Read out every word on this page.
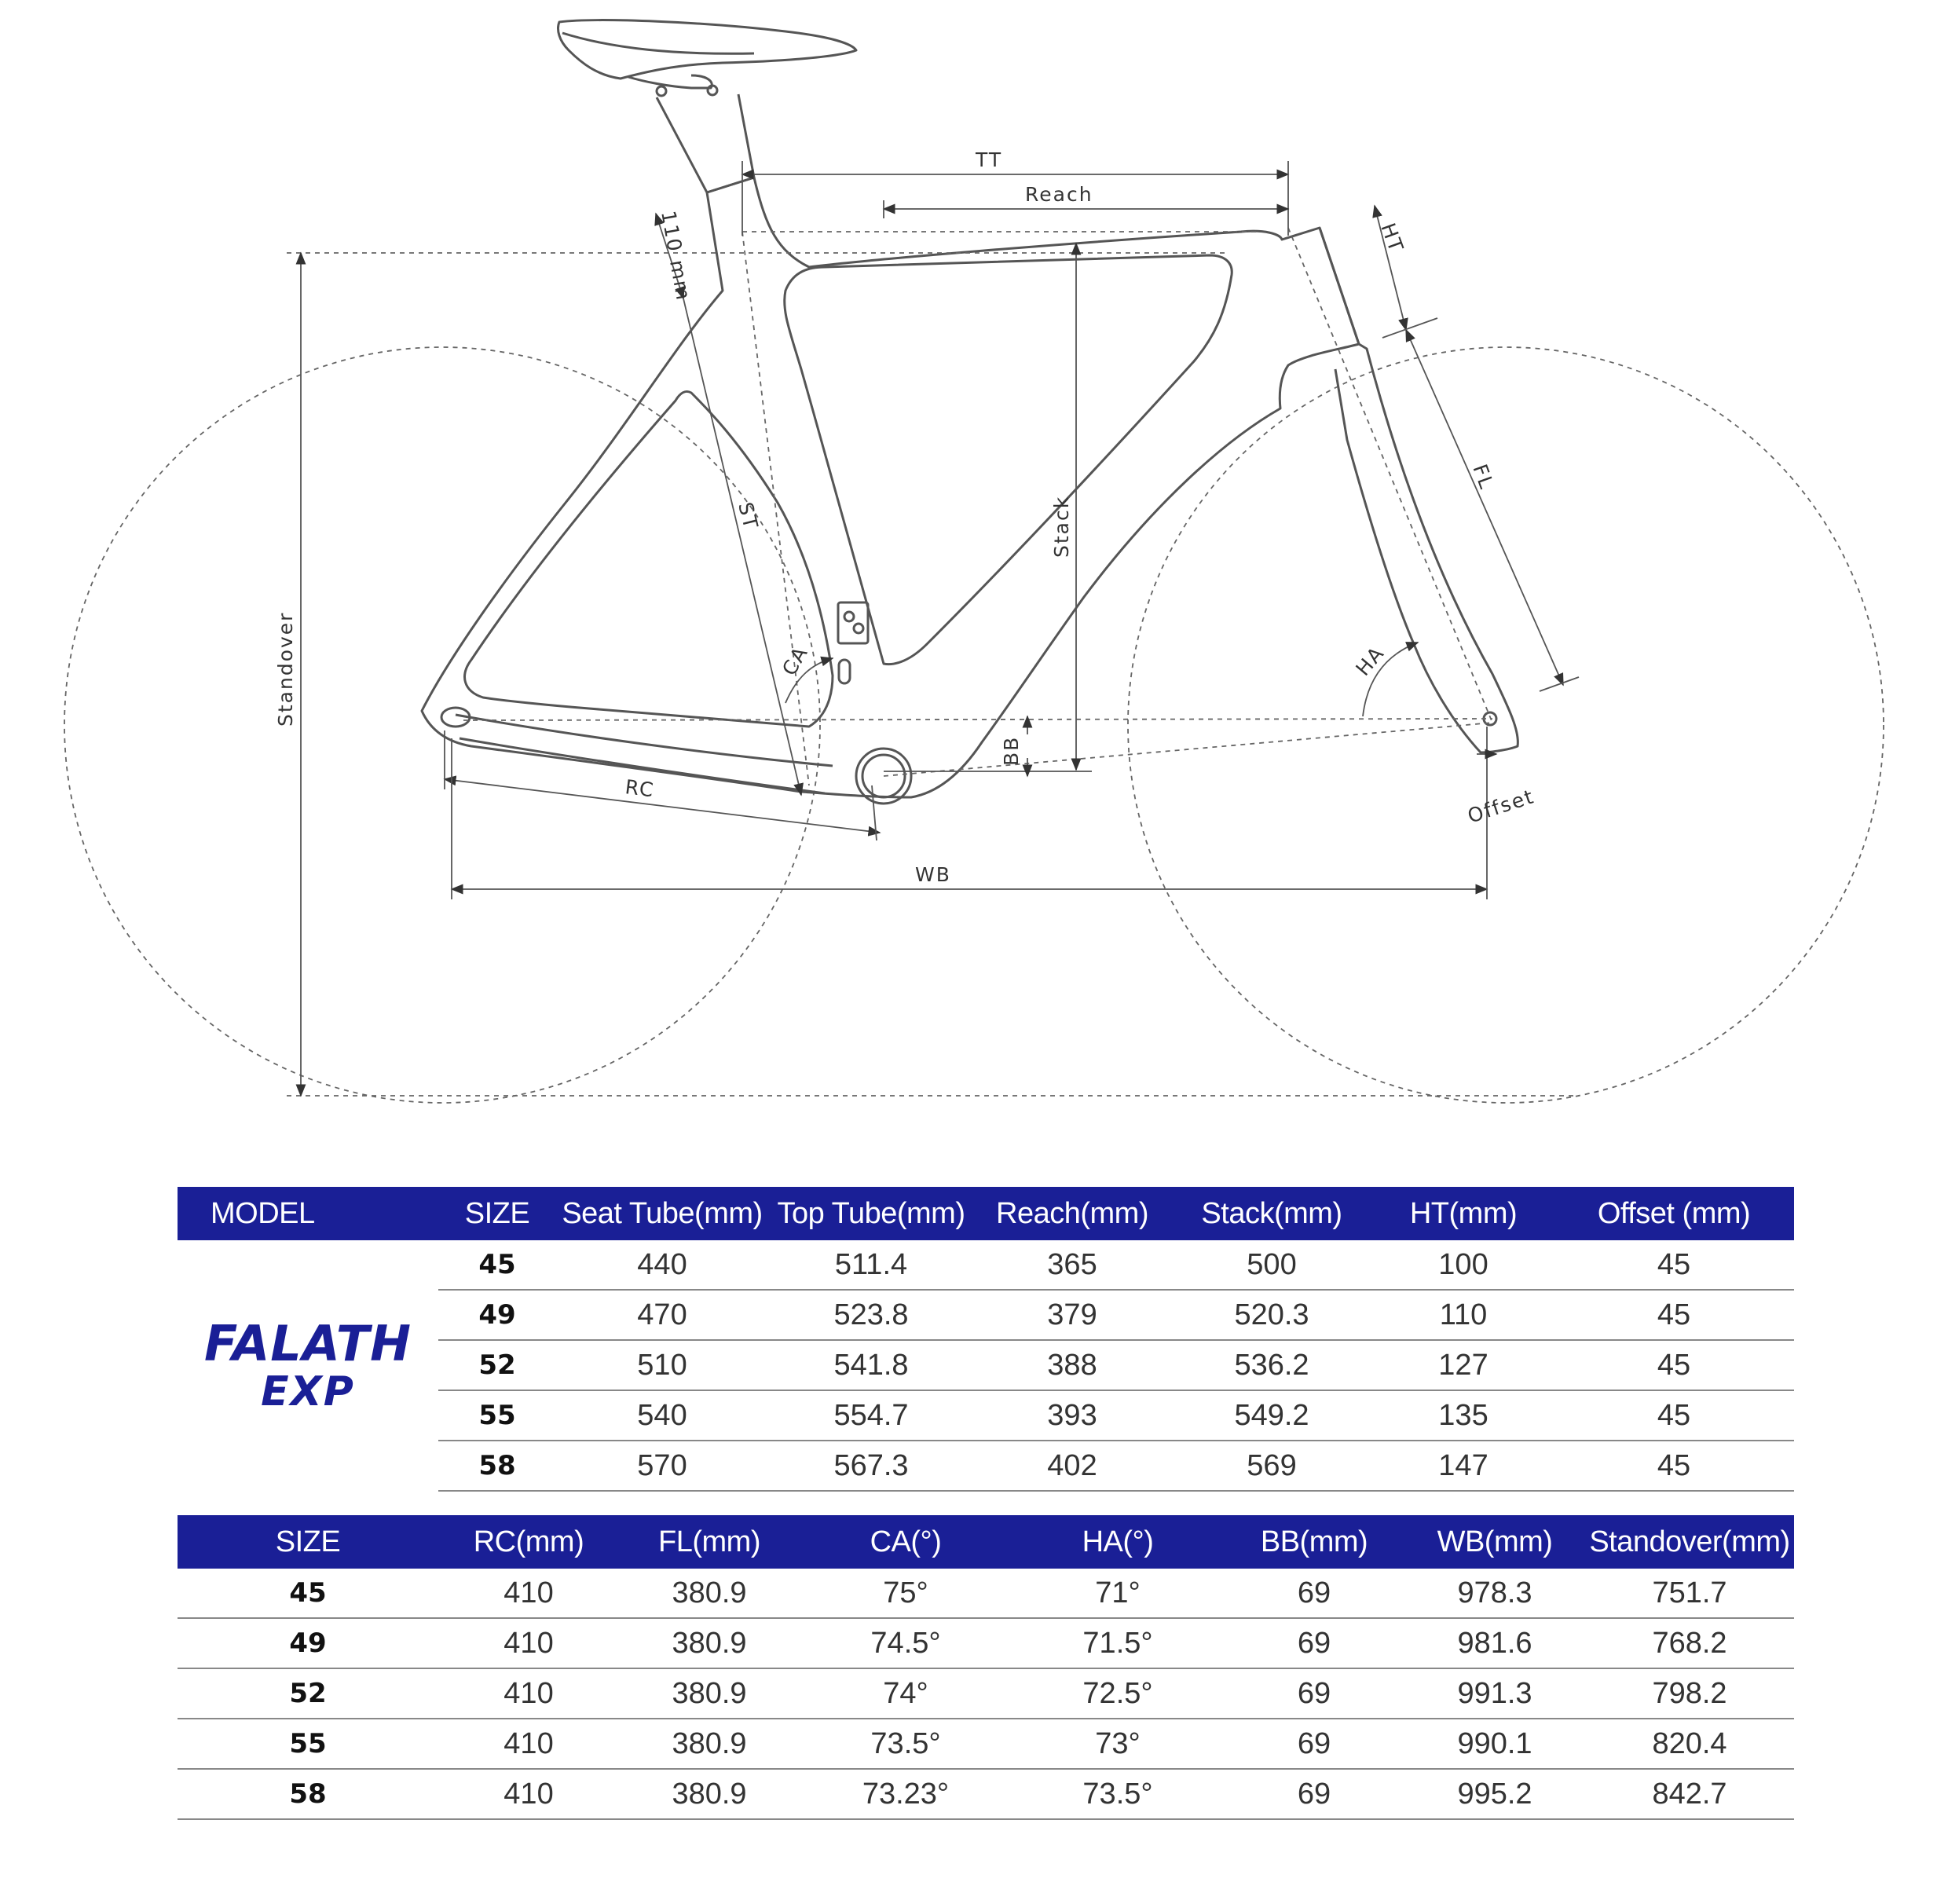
TT
Reach
110 mm	HT
FL
ST	Stack
Standover	CA	HA
BB
RC
WB
Offset
MODEL	SIZE	Seat Tube(mm)	Top Tube(mm)	Reach(mm)	Stack(mm)	HT(mm)	Offset (mm)

FALATH
EXP	45	440	511.4	365	500	100	45
	49	470	523.8	379	520.3	110	45
	52	510	541.8	388	536.2	127	45
	55	540	554.7	393	549.2	135	45
	58	570	567.3	402	569	147	45
SIZE	RC(mm)	FL(mm)	CA(°)	HA(°)	BB(mm)	WB(mm)	Standover(mm)
45	410	380.9	75°	71°	69	978.3	751.7
49	410	380.9	74.5°	71.5°	69	981.6	768.2
52	410	380.9	74°	72.5°	69	991.3	798.2
55	410	380.9	73.5°	73°	69	990.1	820.4
58	410	380.9	73.23°	73.5°	69	995.2	842.7
